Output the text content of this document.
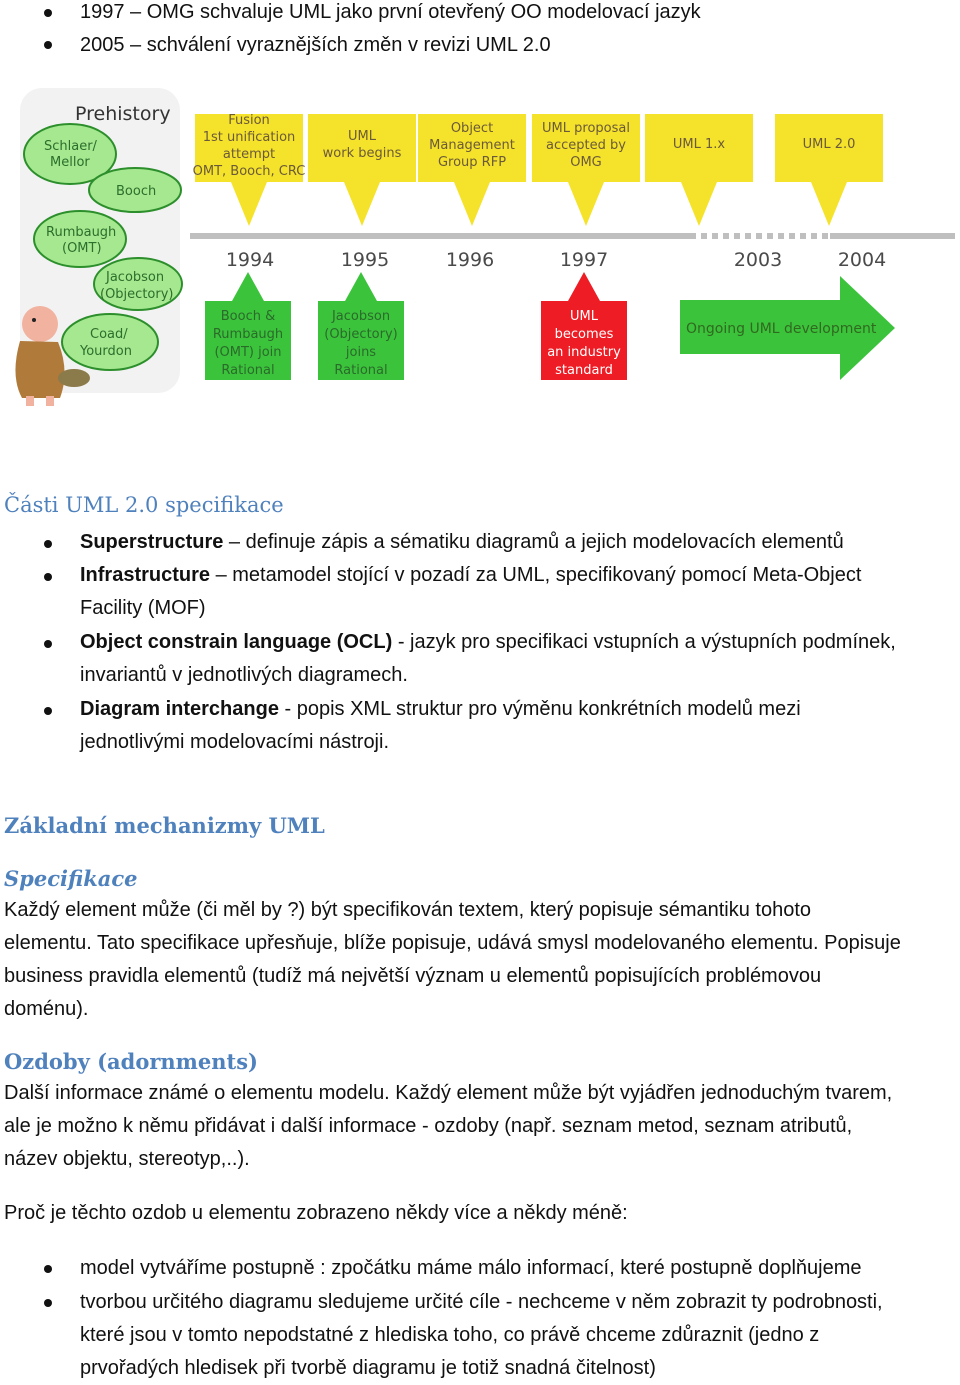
1997 – OMG schvaluje UML jako první otevřený OO modelovací jazyk
2005 – schválení vyraznějších změn v revizi UML 2.0
Prehistory
Schlaer/
Mellor
Booch
Rumbaugh
(OMT)
Jacobson
(Objectory)
Coad/
Yourdon
Fusion
1st unification
attempt
OMT, Booch, CRC
UML
work begins
Object
Management
Group RFP
UML proposal
accepted by
OMG
UML 1.x	UML 2.0
1994	1995	1996	1997	2003	2004
Booch &
Rumbaugh
(OMT) join
Rational
Jacobson
(Objectory)
joins
Rational
UML
becomes
an industry
standard
Ongoing UML development
Části UML 2.0 specifikace
Superstructure – definuje zápis a sématiku diagramů a jejich modelovacích elementů
Infrastructure – metamodel stojící v pozadí za UML, specifikovaný pomocí Meta-Object
Facility (MOF)
Object constrain language (OCL) - jazyk pro specifikaci vstupních a výstupních podmínek,
invariantů v jednotlivých diagramech.
Diagram interchange - popis XML struktur pro výměnu konkrétních modelů mezi
jednotlivými modelovacími nástroji.
Základní mechanizmy UML
Specifikace
Každý element může (či měl by ?) být specifikován textem, který popisuje sémantiku tohoto
elementu. Tato specifikace upřesňuje, blíže popisuje, udává smysl modelovaného elementu. Popisuje
business pravidla elementů (tudíž má největší význam u elementů popisujících problémovou
doménu).
Ozdoby (adornments)
Další informace známé o elementu modelu. Každý element může být vyjádřen jednoduchým tvarem,
ale je možno k němu přidávat i další informace - ozdoby (např. seznam metod, seznam atributů,
název objektu, stereotyp,..).
Proč je těchto ozdob u elementu zobrazeno někdy více a někdy méně:
model vytváříme postupně : zpočátku máme málo informací, které postupně doplňujeme
tvorbou určitého diagramu sledujeme určité cíle - nechceme v něm zobrazit ty podrobnosti,
které jsou v tomto nepodstatné z hlediska toho, co právě chceme zdůraznit (jedno z
prvořadých hledisek při tvorbě diagramu je totiž snadná čitelnost)
